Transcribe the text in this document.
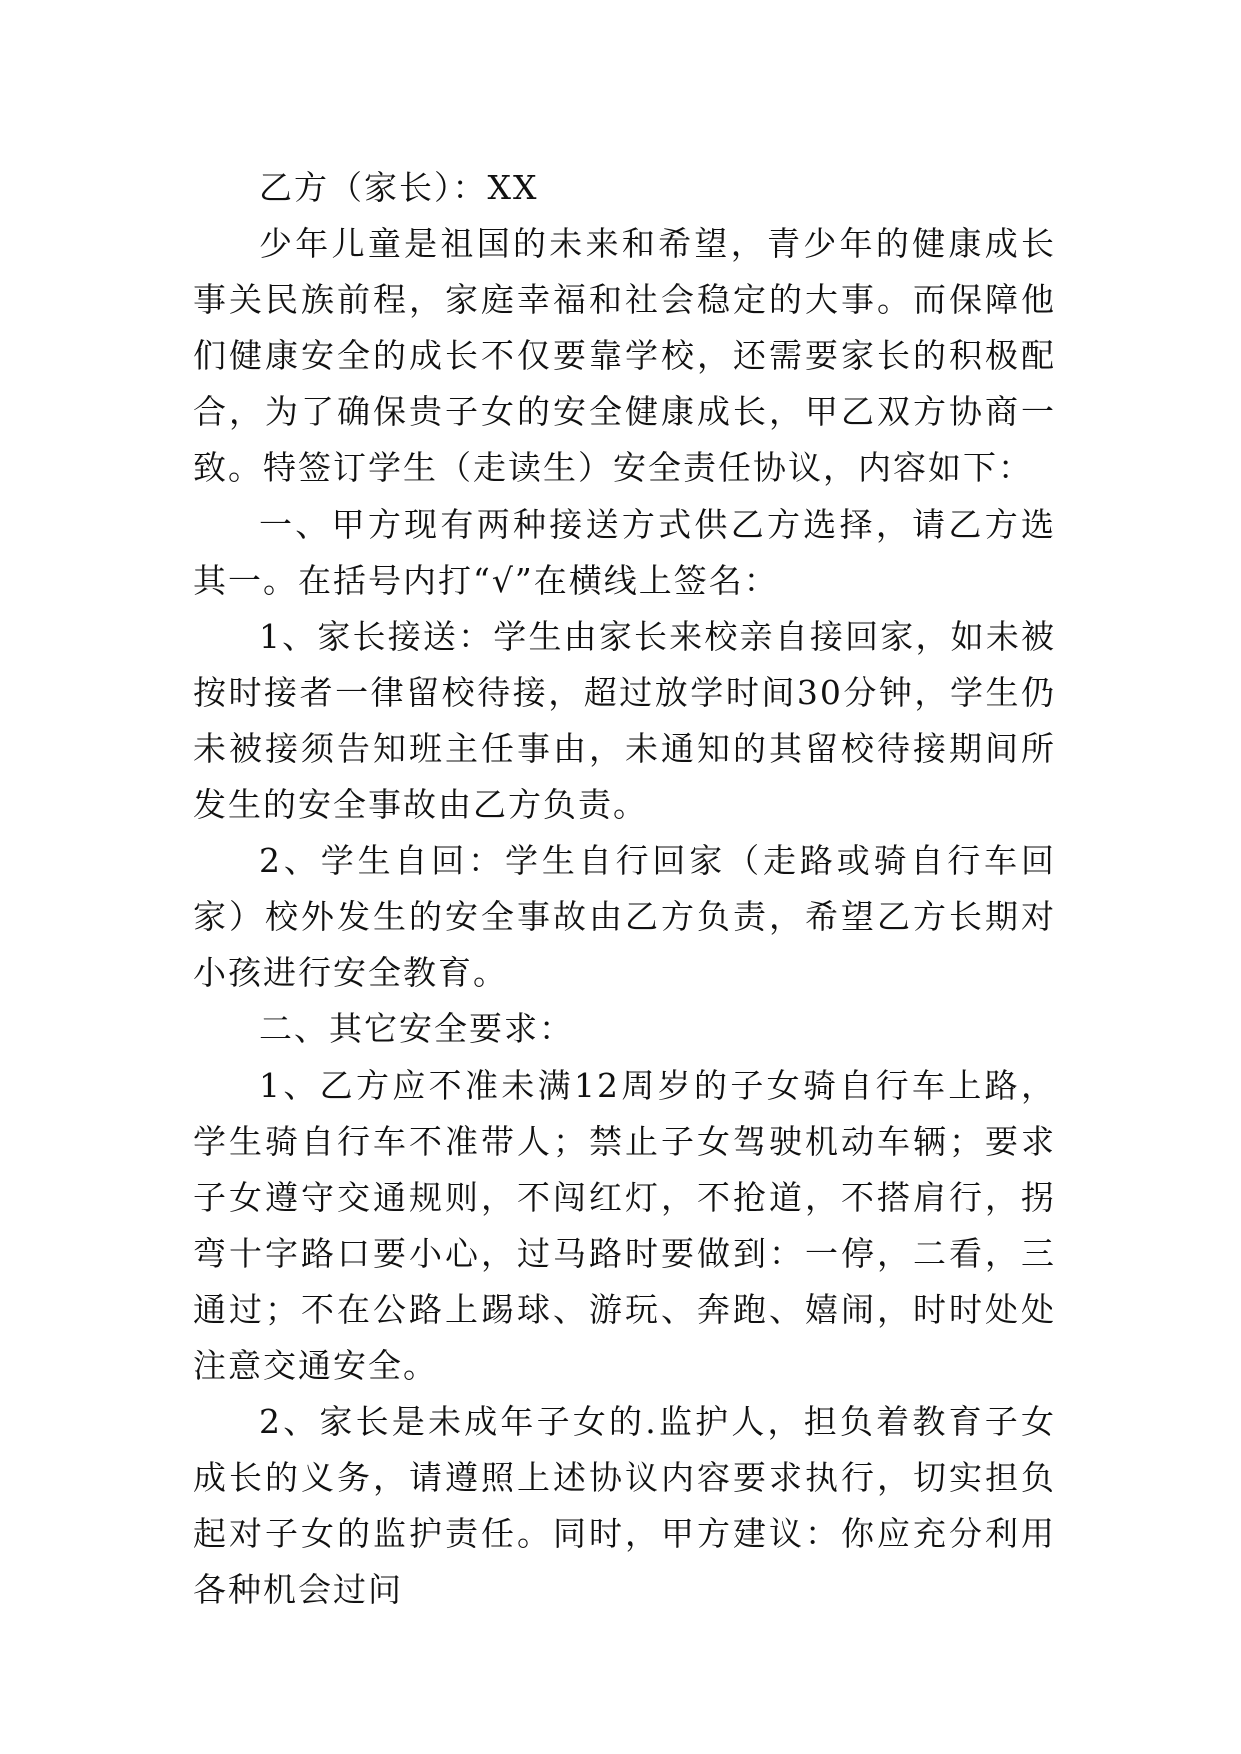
乙方（家长）：XX

少年儿童是祖国的未来和希望，青少年的健康成长事关民族前程，家庭幸福和社会稳定的大事。而保障他们健康安全的成长不仅要靠学校，还需要家长的积极配合，为了确保贵子女的安全健康成长，甲乙双方协商一致。特签订学生（走读生）安全责任协议，内容如下：

一、甲方现有两种接送方式供乙方选择，请乙方选其一。在括号内打“√”在横线上签名：

1、家长接送：学生由家长来校亲自接回家，如未被按时接者一律留校待接，超过放学时间30分钟，学生仍未被接须告知班主任事由，未通知的其留校待接期间所发生的安全事故由乙方负责。

2、学生自回：学生自行回家（走路或骑自行车回家）校外发生的安全事故由乙方负责，希望乙方长期对小孩进行安全教育。

二、其它安全要求：

1、乙方应不准未满12周岁的子女骑自行车上路，学生骑自行车不准带人；禁止子女驾驶机动车辆；要求子女遵守交通规则，不闯红灯，不抢道，不搭肩行，拐弯十字路口要小心，过马路时要做到：一停，二看，三通过；不在公路上踢球、游玩、奔跑、嬉闹，时时处处注意交通安全。

2、家长是未成年子女的.监护人，担负着教育子女成长的义务，请遵照上述协议内容要求执行，切实担负起对子女的监护责任。同时，甲方建议：你应充分利用各种机会过问
